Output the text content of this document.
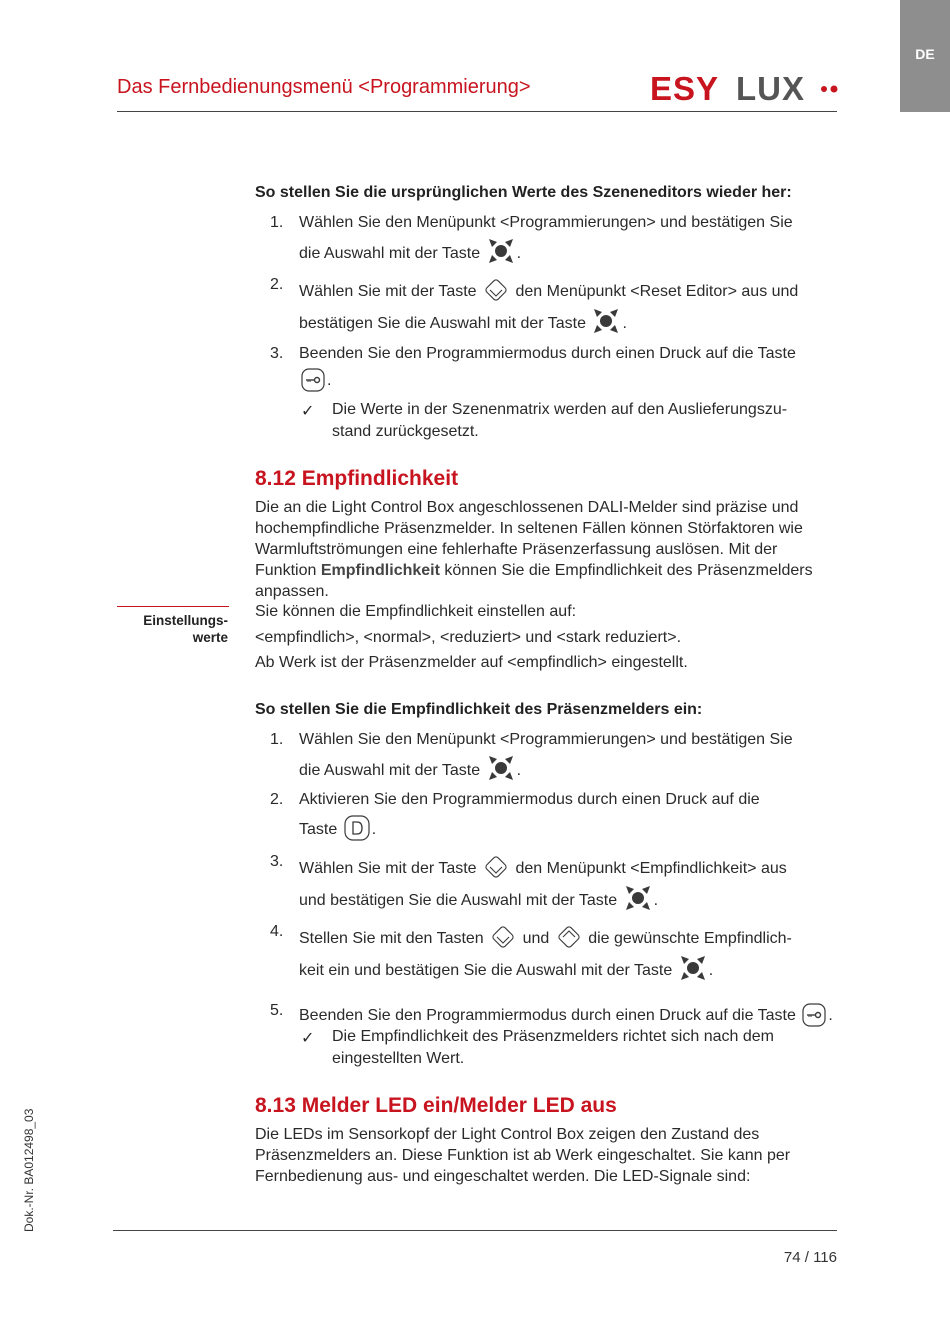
DE
Das Fernbedienungsmenü <Programmierung>	ESY LUX
So stellen Sie die ursprünglichen Werte des Szeneneditors wieder her:
1. Wählen Sie den Menüpunkt <Programmierungen> und bestätigen Sie
die Auswahl mit der Taste .
2. Wählen Sie mit der Taste den Menüpunkt <Reset Editor> aus und
bestätigen Sie die Auswahl mit der Taste .
3. Beenden Sie den Programmiermodus durch einen Druck auf die Taste
.
✓ Die Werte in der Szenenmatrix werden auf den Auslieferungszu-
stand zurückgesetzt.
8.12 Empfindlichkeit
Die an die Light Control Box angeschlossenen DALI-Melder sind präzise und hochempfindliche Präsenzmelder. In seltenen Fällen können Störfaktoren wie Warmluftströmungen eine fehlerhafte Präsenzerfassung auslösen. Mit der Funktion Empfindlichkeit können Sie die Empfindlichkeit des Präsenzmelders anpassen.
Einstellungs-
werte
Sie können die Empfindlichkeit einstellen auf:
<empfindlich>, <normal>, <reduziert> und <stark reduziert>.
Ab Werk ist der Präsenzmelder auf <empfindlich> eingestellt.
So stellen Sie die Empfindlichkeit des Präsenzmelders ein:
1. Wählen Sie den Menüpunkt <Programmierungen> und bestätigen Sie
die Auswahl mit der Taste .
2. Aktivieren Sie den Programmiermodus durch einen Druck auf die
Taste .
3. Wählen Sie mit der Taste den Menüpunkt <Empfindlichkeit> aus
und bestätigen Sie die Auswahl mit der Taste .
4. Stellen Sie mit den Tasten und die gewünschte Empfindlich-
keit ein und bestätigen Sie die Auswahl mit der Taste .
5. Beenden Sie den Programmiermodus durch einen Druck auf die Taste .
✓ Die Empfindlichkeit des Präsenzmelders richtet sich nach dem
eingestellten Wert.
8.13 Melder LED ein/Melder LED aus
Die LEDs im Sensorkopf der Light Control Box zeigen den Zustand des Präsenzmelders an. Diese Funktion ist ab Werk eingeschaltet. Sie kann per Fernbedienung aus- und eingeschaltet werden. Die LED-Signale sind:
Dok.-Nr. BA012498_03
74 / 116
